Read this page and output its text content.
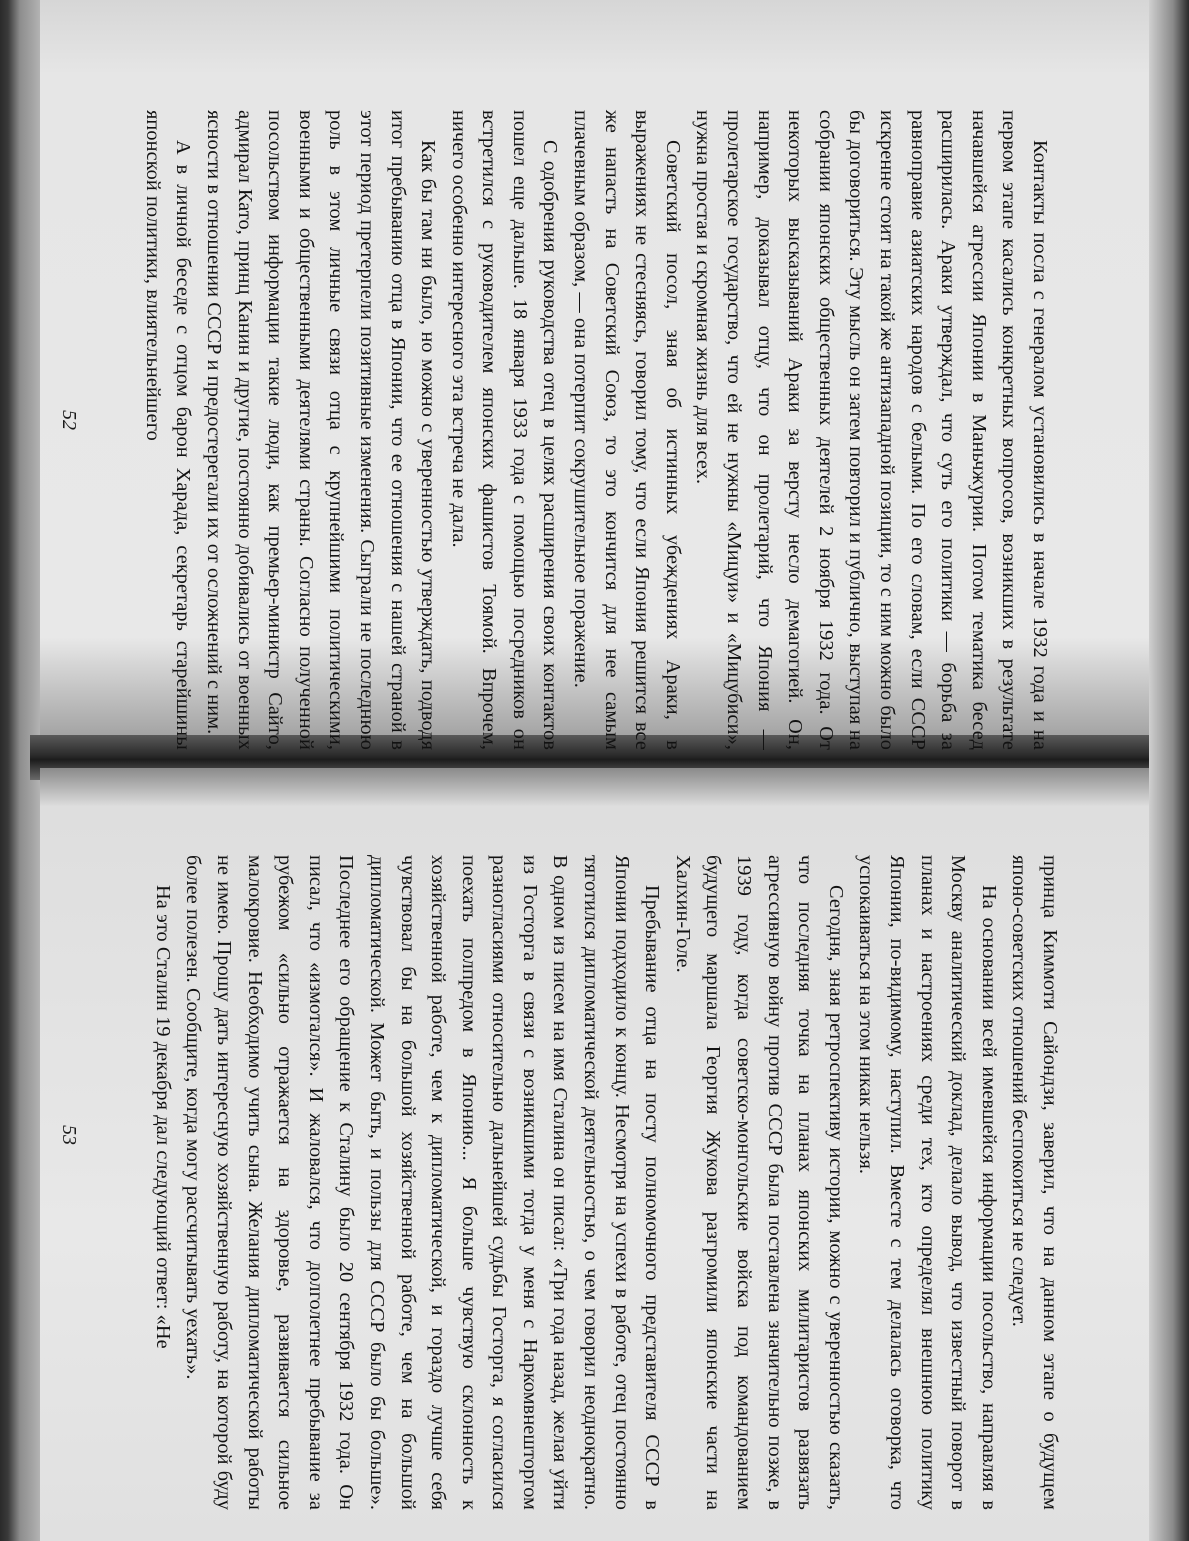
Контакты посла с генералом установились в начале 1932 года и на первом этапе касались конкретных вопросов, возникших в результате начавшейся агрессии Японии в Маньчжурии. Потом тематика бесед расширилась. Араки утверждал, что суть его политики — борьба за равноправие азиатских народов с белыми. По его словам, если СССР искренне стоит на такой же антизападной позиции, то с ним можно было бы договориться. Эту мысль он затем повторил и публично, выступая на собрании японских общественных деятелей 2 ноября 1932 года. От некоторых высказываний Араки за версту несло демагогией. Он, например, доказывал отцу, что он пролетарий, что Япония — пролетарское государство, что ей не нужны «Мицуи» и «Мицубиси», нужна простая и скромная жизнь для всех.

Советский посол, зная об истинных убеждениях Араки, в выражениях не стесняясь, говорил тому, что если Япония решится все же напасть на Советский Союз, то это кончится для нее самым плачевным образом, — она потерпит сокрушительное поражение.

С одобрения руководства отец в целях расширения своих контактов пошел еще дальше. 18 января 1933 года с помощью посредников он встретился с руководителем японских фашистов Тоямой. Впрочем, ничего особенно интересного эта встреча не дала.

Как бы там ни было, но можно с уверенностью утверждать, подводя итог пребыванию отца в Японии, что ее отношения с нашей страной в этот период претерпели позитивные изменения. Сыграли не последнюю роль в этом личные связи отца с крупнейшими политическими, военными и общественными деятелями страны. Согласно полученной посольством информации такие люди, как премьер-министр Сайто, адмирал Като, принц Канин и другие, постоянно добивались от военных ясности в отношении СССР и предостерегали их от осложнений с ним.

А в личной беседе с отцом барон Харада, секретарь старейшины японской политики, влиятельнейшего

52

принца Киммоти Сайондзи, заверил, что на данном этапе о будущем японо-советских отношений беспокоиться не следует.

На основании всей имевшейся информации посольство, направляя в Москву аналитический доклад, делало вывод, что известный поворот в планах и настроениях среди тех, кто определял внешнюю политику Японии, по-видимому, наступил. Вместе с тем делалась оговорка, что успокаиваться на этом никак нельзя.

Сегодня, зная ретроспективу истории, можно с уверенностью сказать, что последняя точка на планах японских милитаристов развязать агрессивную войну против СССР была поставлена значительно позже, в 1939 году, когда советско-монгольские войска под командованием будущего маршала Георгия Жукова разгромили японские части на Халхин-Голе.

Пребывание отца на посту полномочного представителя СССР в Японии подходило к концу. Несмотря на успехи в работе, отец постоянно тяготился дипломатической деятельностью, о чем говорил неоднократно. В одном из писем на имя Сталина он писал: «Три года назад, желая уйти из Госторга в связи с возникшими тогда у меня с Наркомвнешторгом разногласиями относительно дальнейшей судьбы Госторга, я согласился поехать полпредом в Японию... Я больше чувствую склонность к хозяйственной работе, чем к дипломатической, и гораздо лучше себя чувствовал бы на большой хозяйственной работе, чем на большой дипломатической. Может быть, и пользы для СССР было бы больше». Последнее его обращение к Сталину было 20 сентября 1932 года. Он писал, что «измотался». И жаловался, что долголетнее пребывание за рубежом «сильно отражается на здоровье, развивается сильное малокровие. Необходимо учить сына. Желания дипломатической работы не имею. Прошу дать интересную хозяйственную работу, на которой буду более полезен. Сообщите, когда могу рассчитывать уехать».

На это Сталин 19 декабря дал следующий ответ: «Не

53
